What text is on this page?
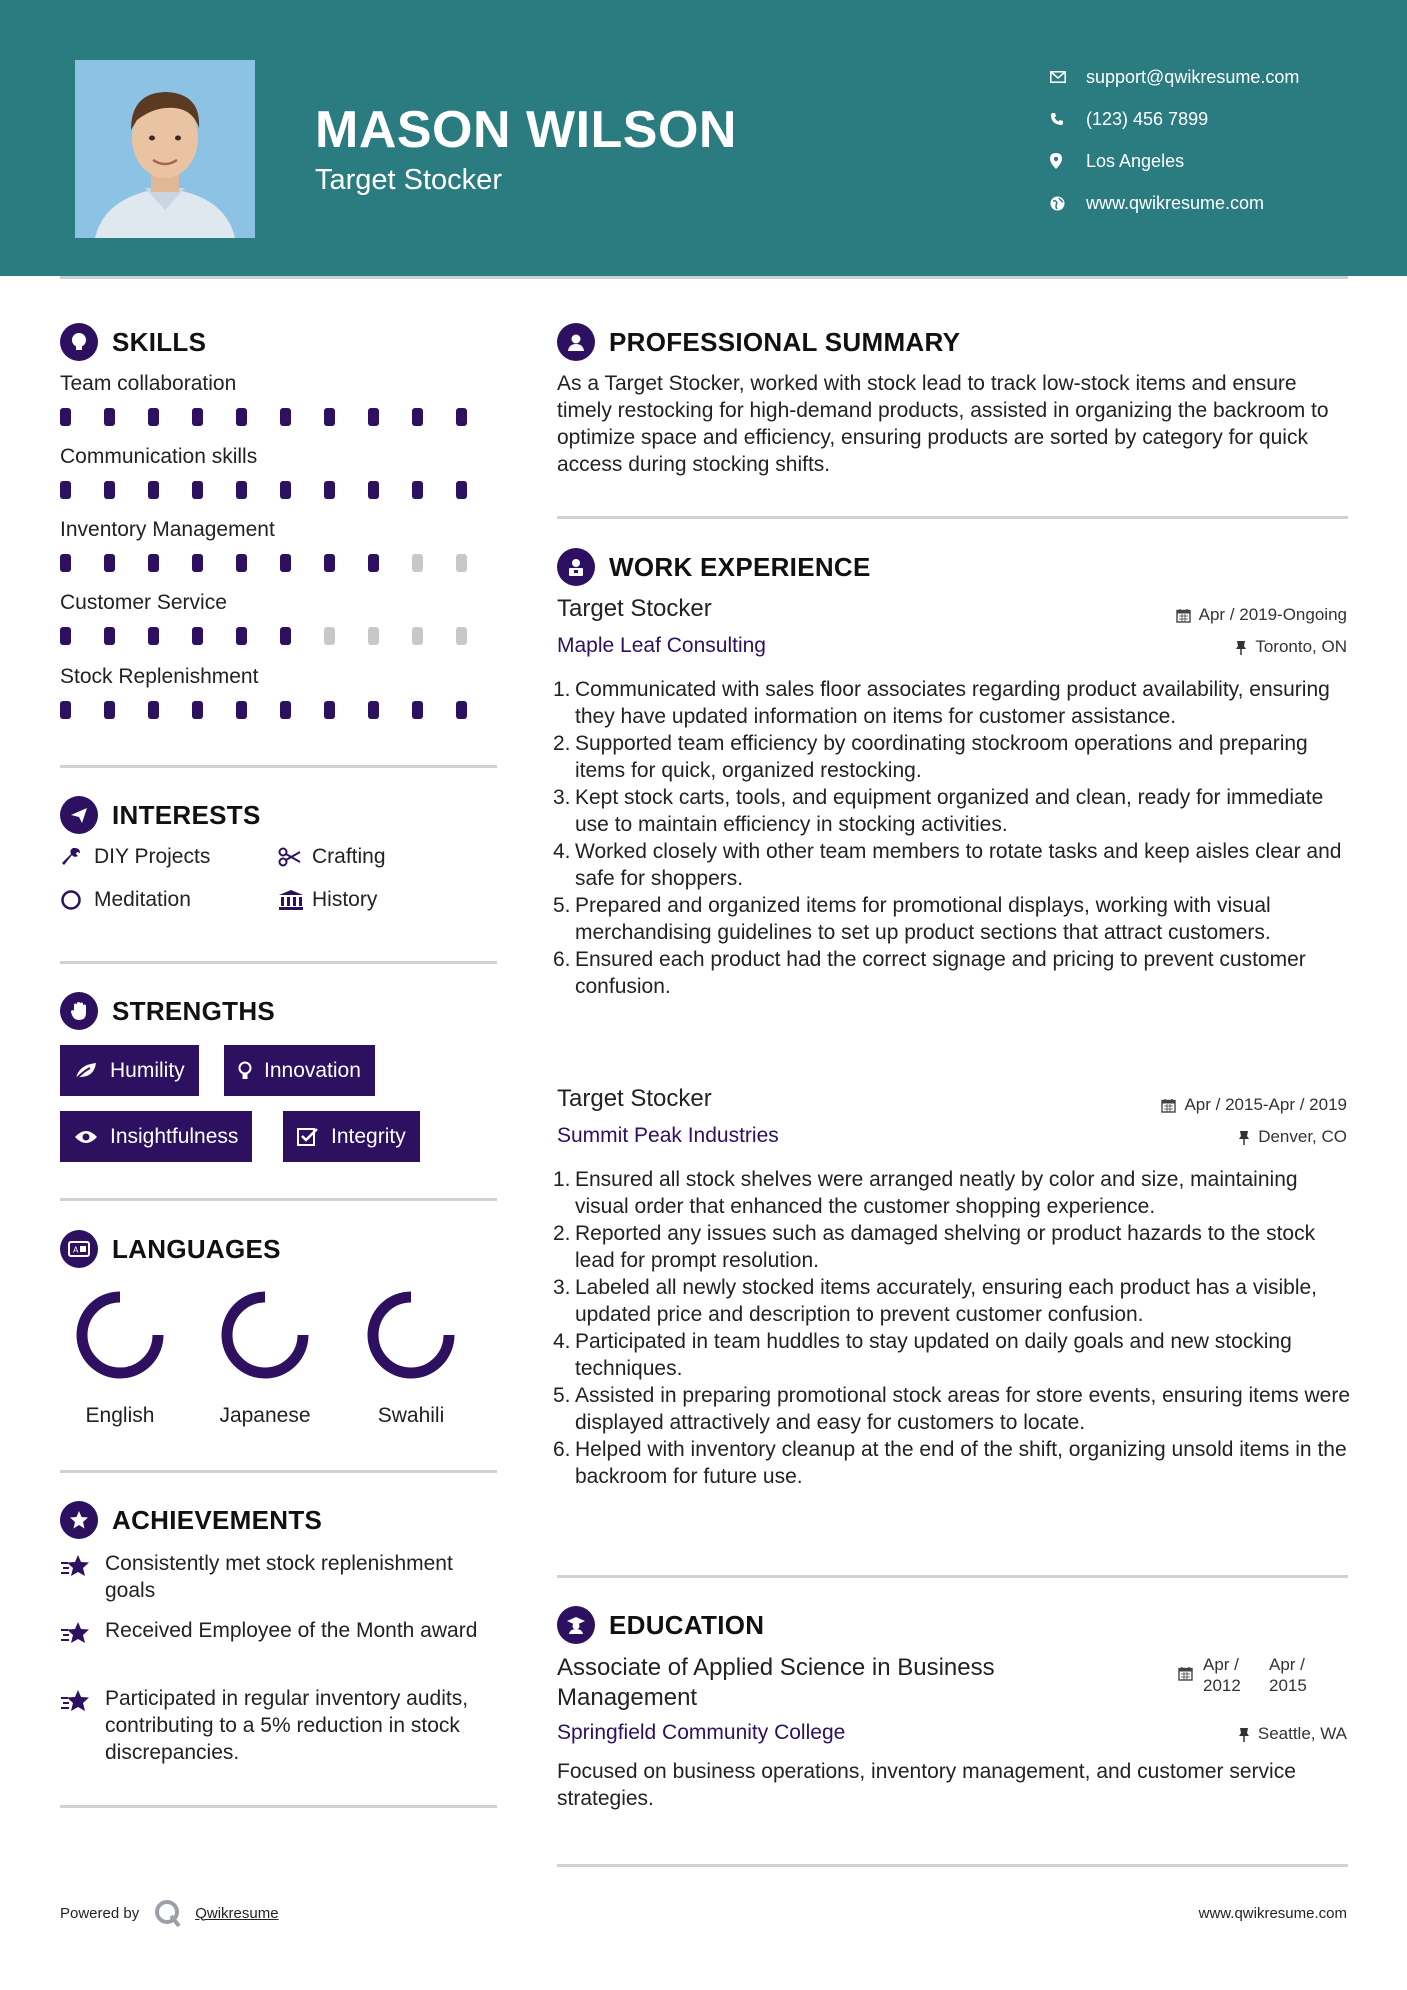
MASON WILSON
Target Stocker
support@qwikresume.com
(123) 456 7899
Los Angeles
www.qwikresume.com
SKILLS
Team collaboration
Communication skills
Inventory Management
Customer Service
Stock Replenishment
INTERESTS
DIY Projects	Crafting
Meditation	History
STRENGTHS
Humility	Innovation
Insightfulness	Integrity
A LANGUAGES
English	Japanese	Swahili
ACHIEVEMENTS
Consistently met stock replenishment goals
Received Employee of the Month award
Participated in regular inventory audits, contributing to a 5% reduction in stock discrepancies.
PROFESSIONAL SUMMARY
As a Target Stocker, worked with stock lead to track low-stock items and ensure timely restocking for high-demand products, assisted in organizing the backroom to optimize space and efficiency, ensuring products are sorted by category for quick access during stocking shifts.
WORK EXPERIENCE
Target Stocker	Apr / 2019-Ongoing
Maple Leaf Consulting	Toronto, ON
1. Communicated with sales floor associates regarding product availability, ensuring they have updated information on items for customer assistance.
2. Supported team efficiency by coordinating stockroom operations and preparing items for quick, organized restocking.
3. Kept stock carts, tools, and equipment organized and clean, ready for immediate use to maintain efficiency in stocking activities.
4. Worked closely with other team members to rotate tasks and keep aisles clear and safe for shoppers.
5. Prepared and organized items for promotional displays, working with visual merchandising guidelines to set up product sections that attract customers.
6. Ensured each product had the correct signage and pricing to prevent customer confusion.
Target Stocker	Apr / 2015-Apr / 2019
Summit Peak Industries	Denver, CO
1. Ensured all stock shelves were arranged neatly by color and size, maintaining visual order that enhanced the customer shopping experience.
2. Reported any issues such as damaged shelving or product hazards to the stock lead for prompt resolution.
3. Labeled all newly stocked items accurately, ensuring each product has a visible, updated price and description to prevent customer confusion.
4. Participated in team huddles to stay updated on daily goals and new stocking techniques.
5. Assisted in preparing promotional stock areas for store events, ensuring items were displayed attractively and easy for customers to locate.
6. Helped with inventory cleanup at the end of the shift, organizing unsold items in the backroom for future use.
EDUCATION
Associate of Applied Science in Business Management
Apr / 2012
Apr / 2015
Springfield Community College	Seattle, WA
Focused on business operations, inventory management, and customer service strategies.
Powered by	Qwikresume	www.qwikresume.com
